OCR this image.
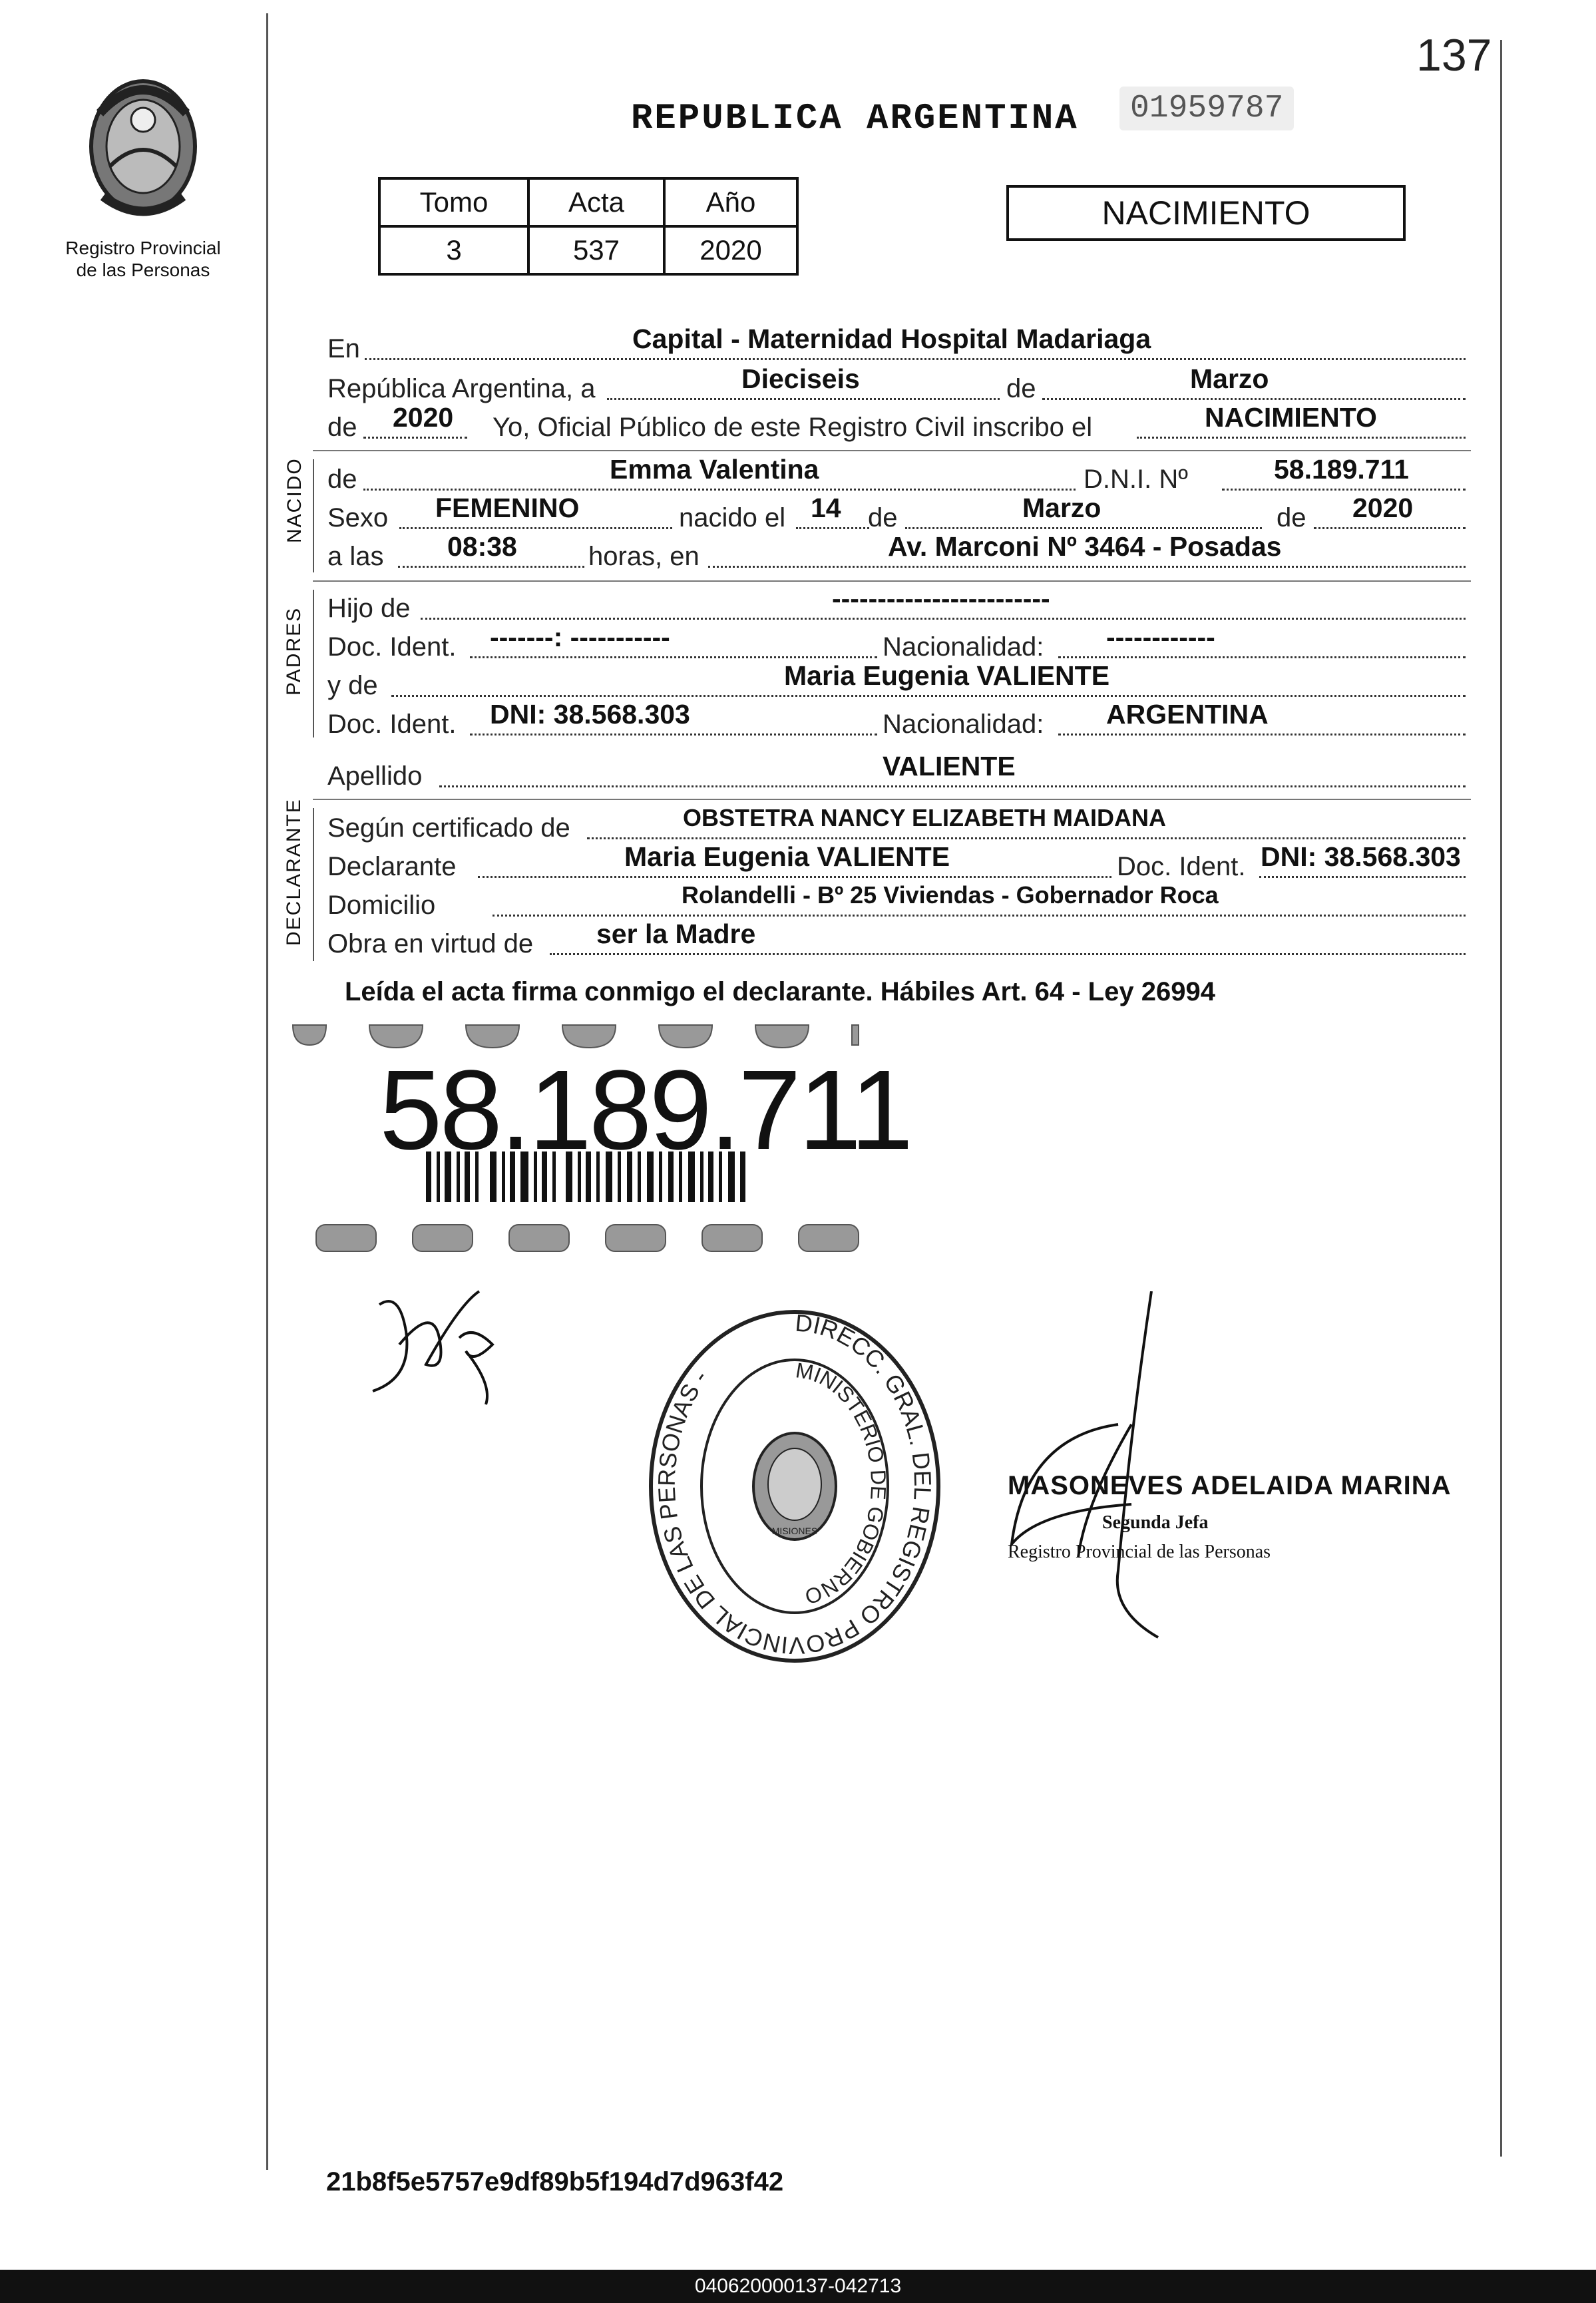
137
Registro Provincial de las Personas
REPUBLICA ARGENTINA	01959787
Tomo	Acta	Año
3	537	2020
NACIMIENTO
En	Capital - Maternidad Hospital Madariaga
República Argentina, a	Dieciseis	de	Marzo
de 2020 Yo, Oficial Público de este Registro Civil inscribo el	NACIMIENTO
NACIDO de	Emma Valentina	D.N.I. Nº	58.189.711
Sexo FEMENINO	nacido el 14 de	Marzo	de 2020
a las 08:38	horas, en	Av. Marconi Nº 3464 - Posadas
PADRES Hijo de	------------------------
Doc. Ident. -------: -----------	Nacionalidad: ------------
y de	Maria Eugenia VALIENTE
Doc. Ident. DNI: 38.568.303	Nacionalidad: ARGENTINA
Apellido	VALIENTE
DECLARANTE Según certificado de	OBSTETRA NANCY ELIZABETH MAIDANA
Declarante	Maria Eugenia VALIENTE	Doc. Ident. DNI: 38.568.303
Domicilio	Rolandelli - Bº 25 Viviendas - Gobernador Roca
Obra en virtud de ser la Madre
Leída el acta firma conmigo el declarante. Hábiles Art. 64 - Ley 26994
58.189.711
DIRECC. GRAL. DEL REGISTRO PROVINCIAL DE LAS PERSONAS -	MINISTERIO DE GOBIERNO
MISIONES
MASONEVES ADELAIDA MARINA
Segunda Jefa
Registro Provincial de las Personas
21b8f5e5757e9df89b5f194d7d963f42
040620000137-042713
